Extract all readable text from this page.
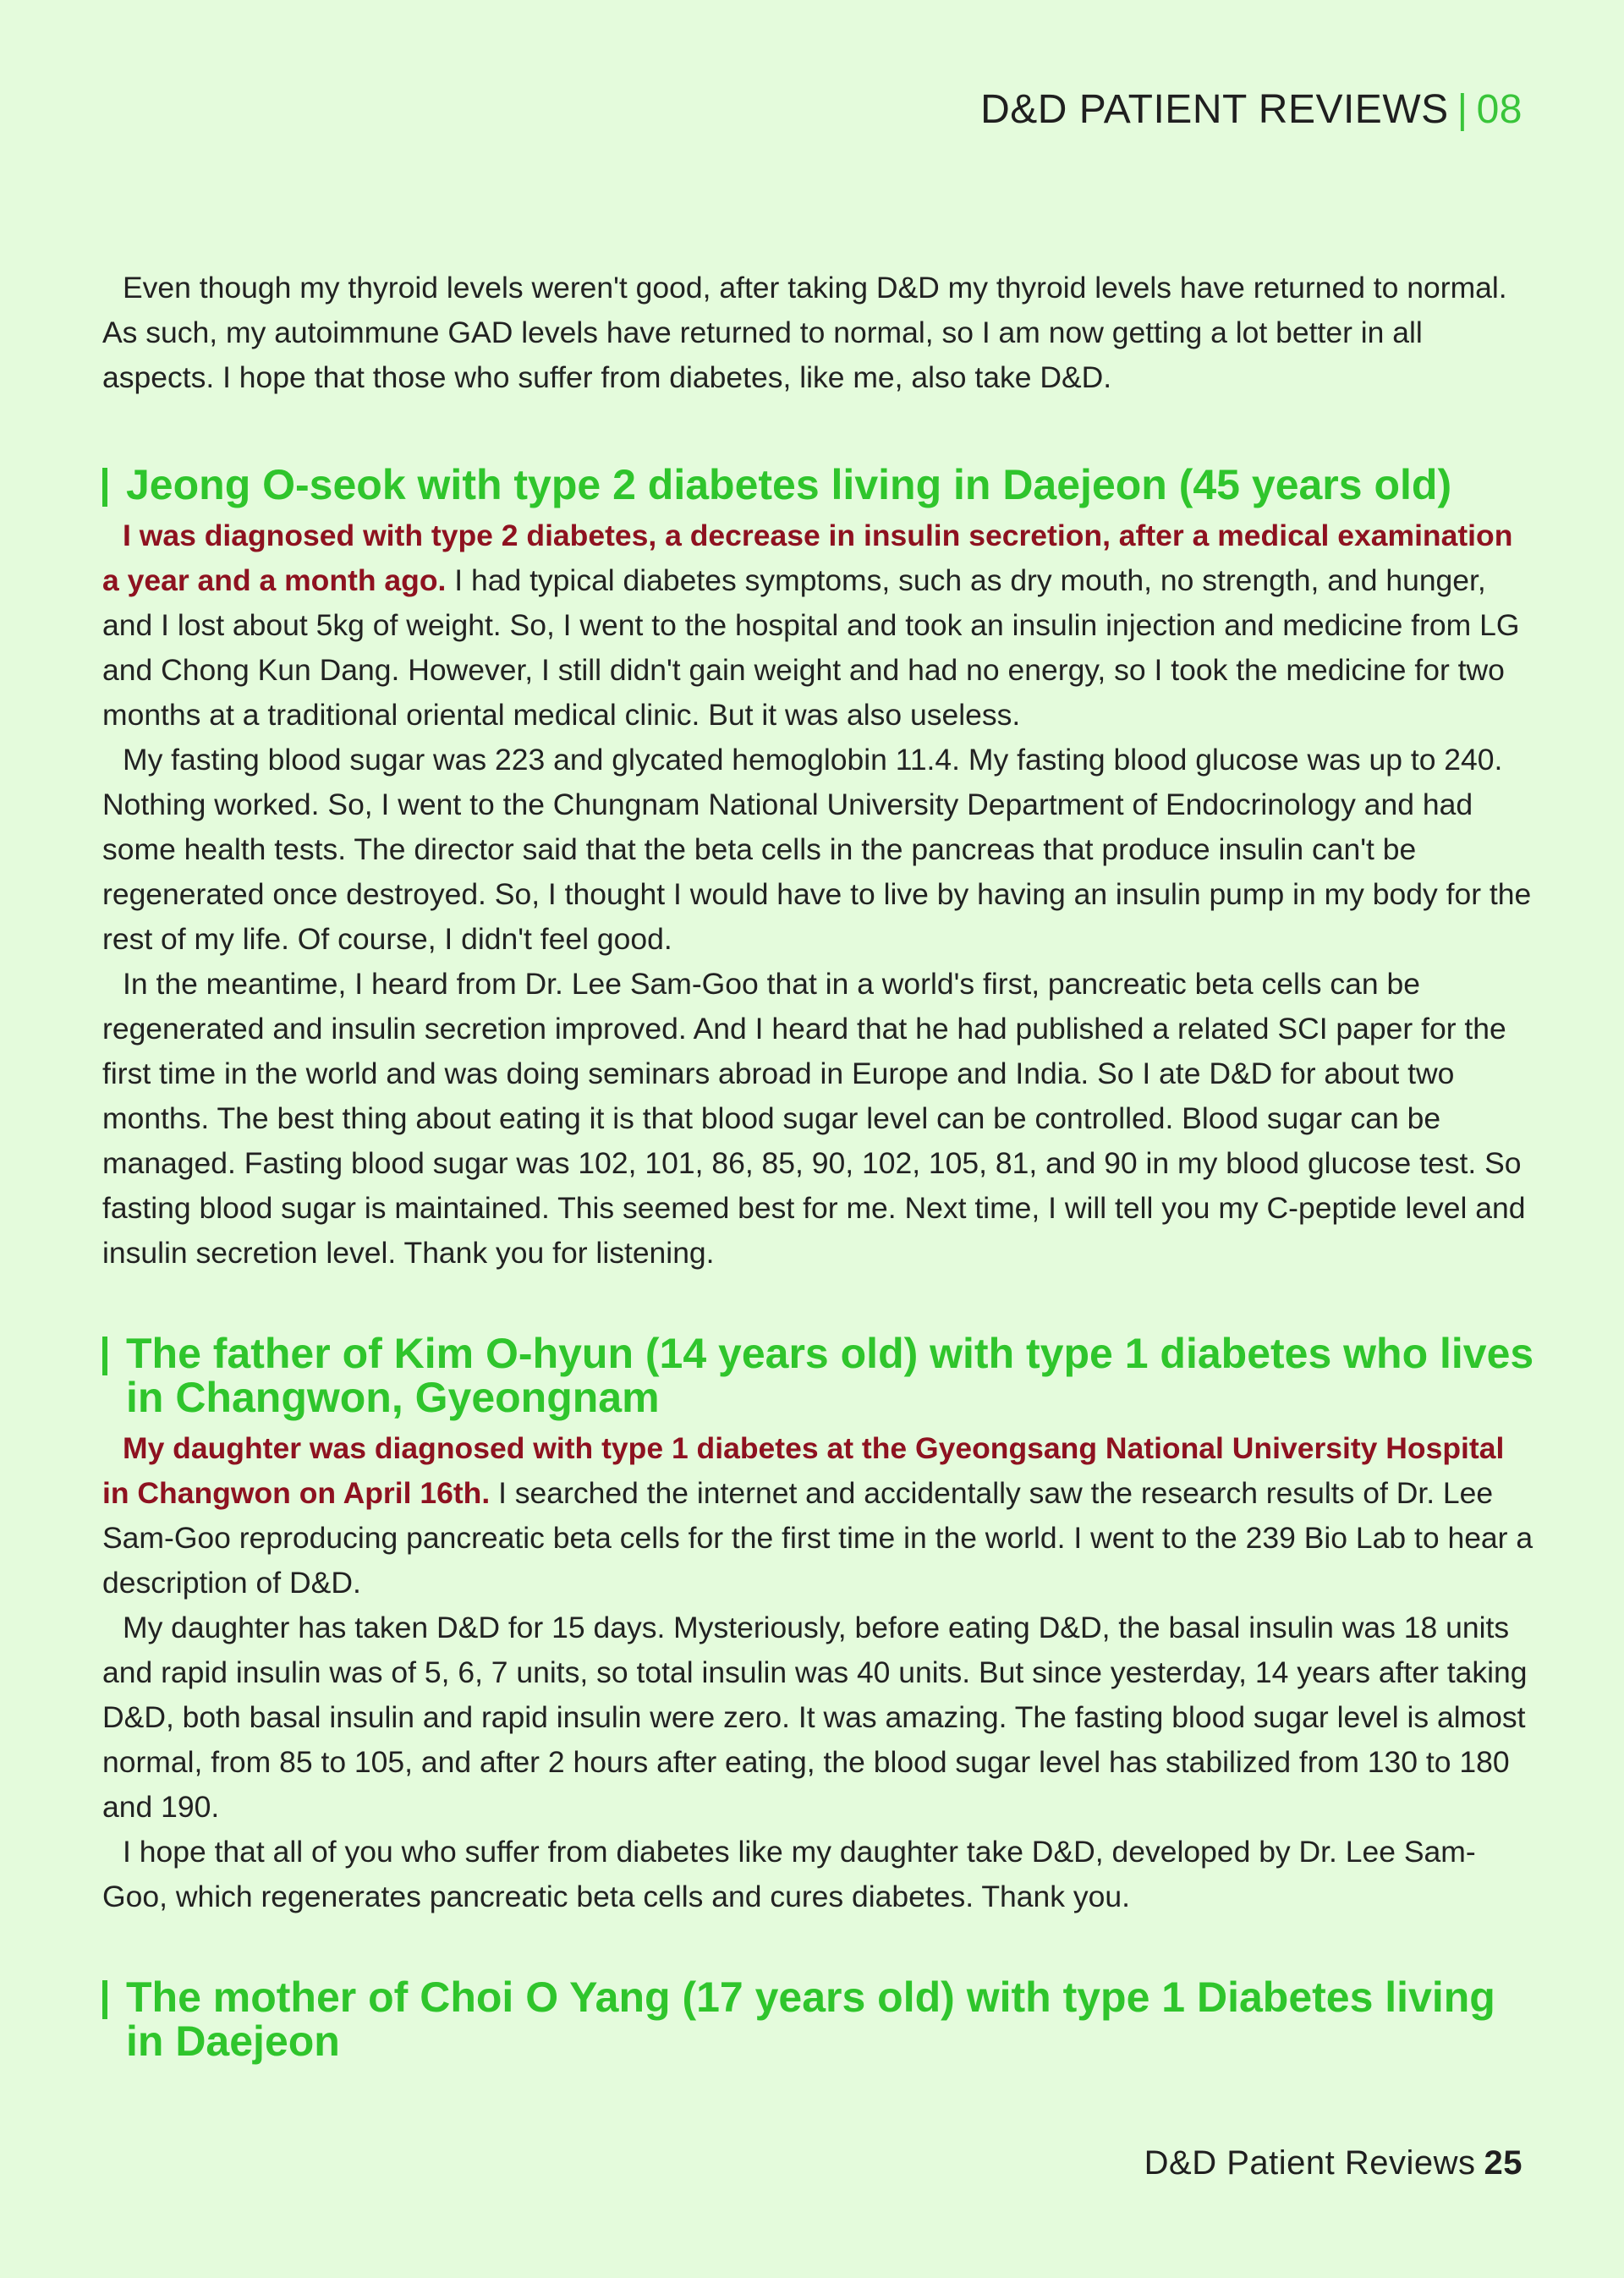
D&D PATIENT REVIEWS | 08

Even though my thyroid levels weren't good, after taking D&D my thyroid levels have returned to normal. As such, my autoimmune GAD levels have returned to normal, so I am now getting a lot better in all aspects. I hope that those who suffer from diabetes, like me, also take D&D.

Jeong O-seok with type 2 diabetes living in Daejeon (45 years old)

I was diagnosed with type 2 diabetes, a decrease in insulin secretion, after a medical examination a year and a month ago. I had typical diabetes symptoms, such as dry mouth, no strength, and hunger, and I lost about 5kg of weight. So, I went to the hospital and took an insulin injection and medicine from LG and Chong Kun Dang. However, I still didn't gain weight and had no energy, so I took the medicine for two months at a traditional oriental medical clinic. But it was also useless.

My fasting blood sugar was 223 and glycated hemoglobin 11.4. My fasting blood glucose was up to 240. Nothing worked. So, I went to the Chungnam National University Department of Endocrinology and had some health tests. The director said that the beta cells in the pancreas that produce insulin can't be regenerated once destroyed. So, I thought I would have to live by having an insulin pump in my body for the rest of my life. Of course, I didn't feel good.

In the meantime, I heard from Dr. Lee Sam-Goo that in a world's first, pancreatic beta cells can be regenerated and insulin secretion improved. And I heard that he had published a related SCI paper for the first time in the world and was doing seminars abroad in Europe and India. So I ate D&D for about two months. The best thing about eating it is that blood sugar level can be controlled. Blood sugar can be managed. Fasting blood sugar was 102, 101, 86, 85, 90, 102, 105, 81, and 90 in my blood glucose test. So fasting blood sugar is maintained. This seemed best for me. Next time, I will tell you my C-peptide level and insulin secretion level. Thank you for listening.

The father of Kim O-hyun (14 years old) with type 1 diabetes who lives in Changwon, Gyeongnam

My daughter was diagnosed with type 1 diabetes at the Gyeongsang National University Hospital in Changwon on April 16th. I searched the internet and accidentally saw the research results of Dr. Lee Sam-Goo reproducing pancreatic beta cells for the first time in the world. I went to the 239 Bio Lab to hear a description of D&D.

My daughter has taken D&D for 15 days. Mysteriously, before eating D&D, the basal insulin was 18 units and rapid insulin was of 5, 6, 7 units, so total insulin was 40 units. But since yesterday, 14 years after taking D&D, both basal insulin and rapid insulin were zero. It was amazing. The fasting blood sugar level is almost normal, from 85 to 105, and after 2 hours after eating, the blood sugar level has stabilized from 130 to 180 and 190.

I hope that all of you who suffer from diabetes like my daughter take D&D, developed by Dr. Lee Sam-Goo, which regenerates pancreatic beta cells and cures diabetes. Thank you.

The mother of Choi O Yang (17 years old) with type 1 Diabetes living in Daejeon
D&D Patient Reviews 25
